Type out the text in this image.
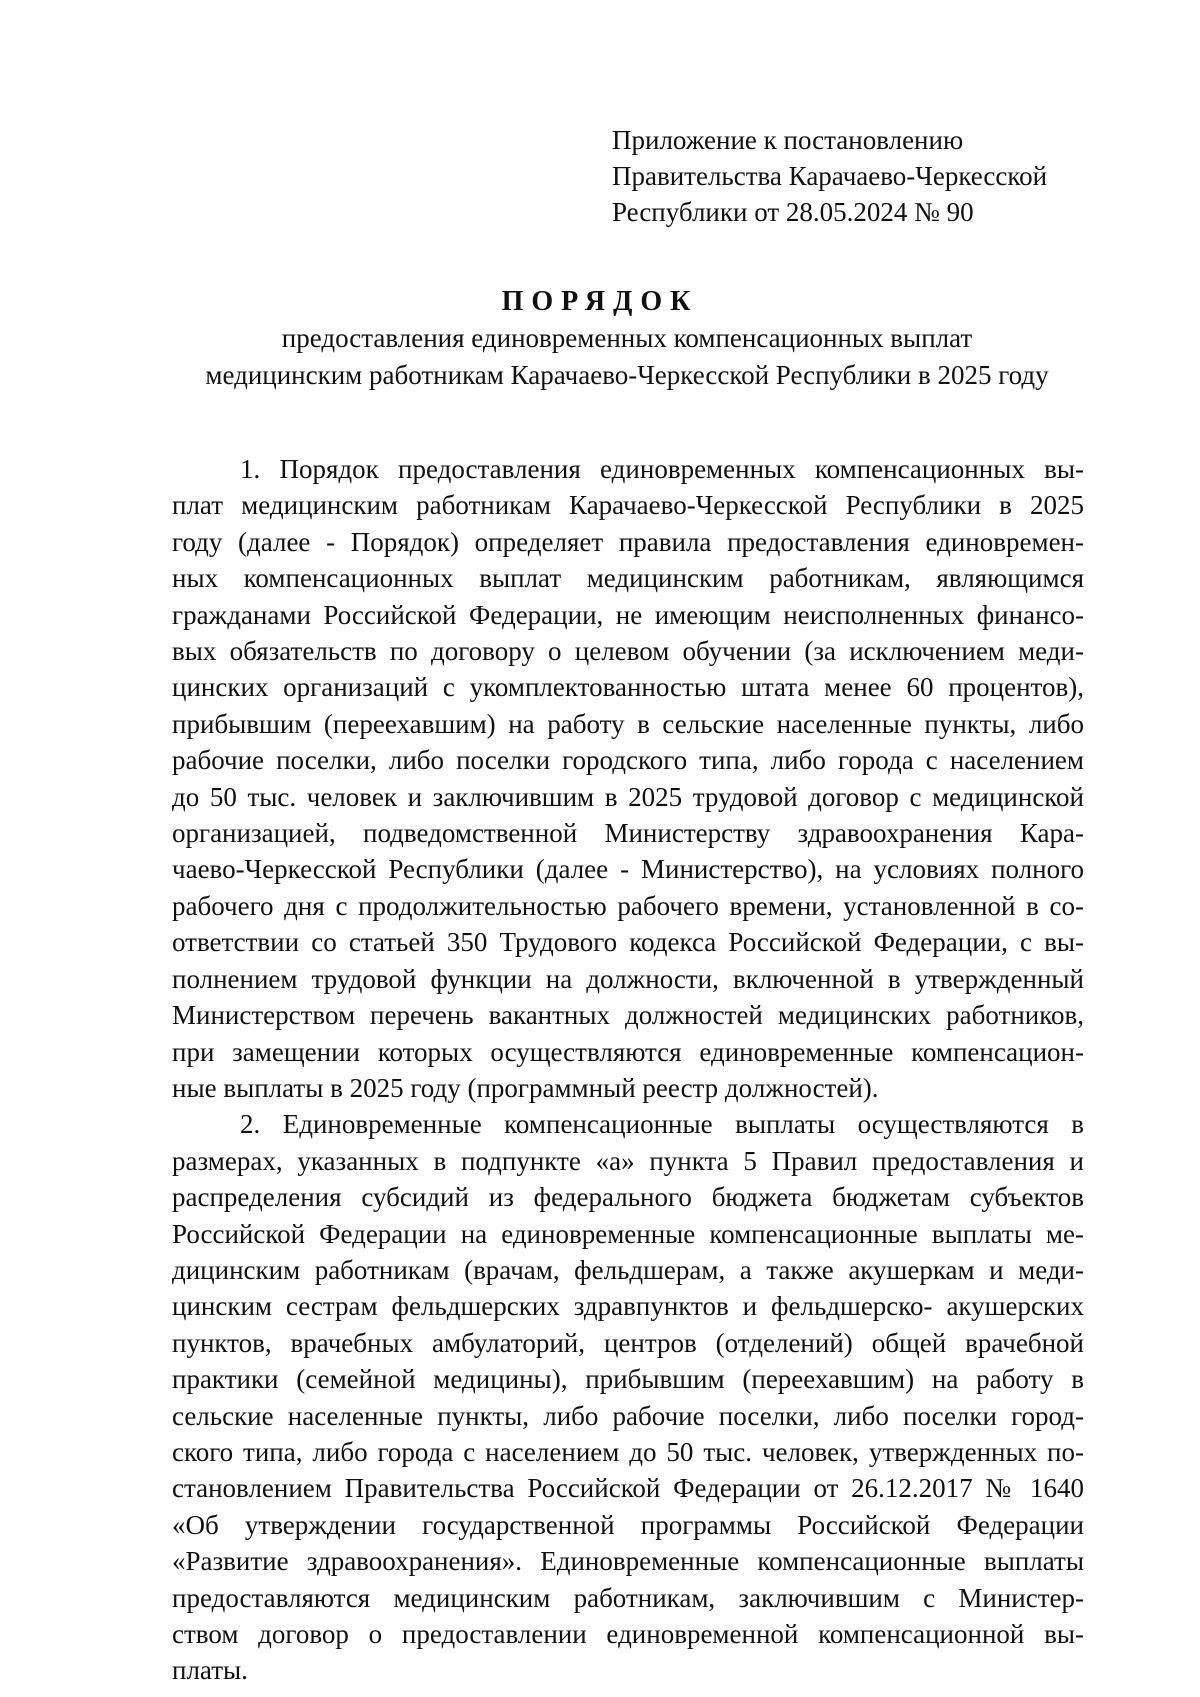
Приложение к постановлению
Правительства Карачаево-Черкесской
Республики от 28.05.2024 № 90
ПОРЯДОК
предоставления единовременных компенсационных выплат
медицинским работникам Карачаево-Черкесской Республики в 2025 году
1. Порядок предоставления единовременных компенсационных вы-
плат медицинским работникам Карачаево-Черкесской Республики в 2025
году (далее - Порядок) определяет правила предоставления единовремен-
ных компенсационных выплат медицинским работникам, являющимся
гражданами Российской Федерации, не имеющим неисполненных финансо-
вых обязательств по договору о целевом обучении (за исключением меди-
цинских организаций с укомплектованностью штата менее 60 процентов),
прибывшим (переехавшим) на работу в сельские населенные пункты, либо
рабочие поселки, либо поселки городского типа, либо города с населением
до 50 тыс. человек и заключившим в 2025 трудовой договор с медицинской
организацией, подведомственной Министерству здравоохранения Кара-
чаево-Черкесской Республики (далее - Министерство), на условиях полного
рабочего дня с продолжительностью рабочего времени, установленной в со-
ответствии со статьей 350 Трудового кодекса Российской Федерации, с вы-
полнением трудовой функции на должности, включенной в утвержденный
Министерством перечень вакантных должностей медицинских работников,
при замещении которых осуществляются единовременные компенсацион-
ные выплаты в 2025 году (программный реестр должностей).
2. Единовременные компенсационные выплаты осуществляются в
размерах, указанных в подпункте «а» пункта 5 Правил предоставления и
распределения субсидий из федерального бюджета бюджетам субъектов
Российской Федерации на единовременные компенсационные выплаты ме-
дицинским работникам (врачам, фельдшерам, а также акушеркам и меди-
цинским сестрам фельдшерских здравпунктов и фельдшерско- акушерских
пунктов, врачебных амбулаторий, центров (отделений) общей врачебной
практики (семейной медицины), прибывшим (переехавшим) на работу в
сельские населенные пункты, либо рабочие поселки, либо поселки город-
ского типа, либо города с населением до 50 тыс. человек, утвержденных по-
становлением Правительства Российской Федерации от 26.12.2017 № 1640
«Об утверждении государственной программы Российской Федерации
«Развитие здравоохранения». Единовременные компенсационные выплаты
предоставляются медицинским работникам, заключившим с Министер-
ством договор о предоставлении единовременной компенсационной вы-
платы.
